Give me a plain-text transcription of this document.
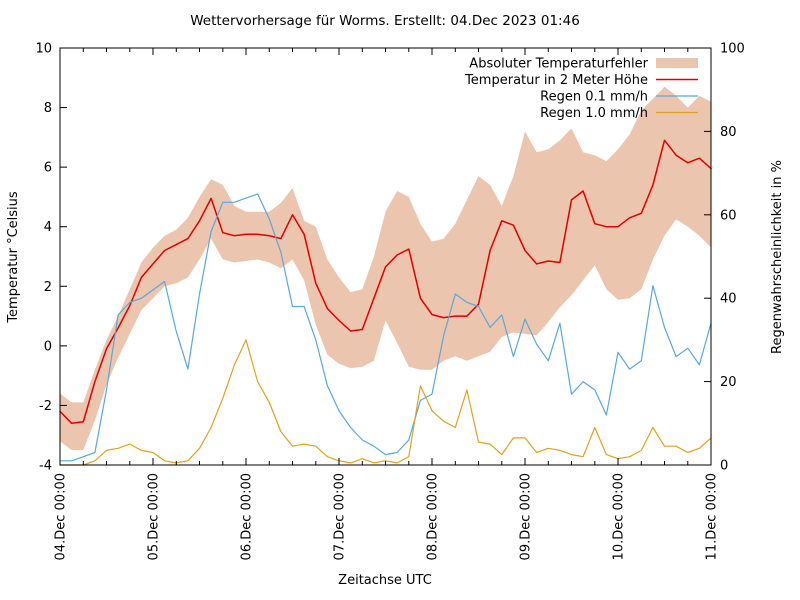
Wettervorhersage für Worms. Erstellt: 04.Dec 2023 01:46
Temperatur °Celsius	Regenwahrscheinlichkeit in %
Zeitachse UTC
10
8
6
4
2
0
-2
-4
100
80
60
40
20
0
04.Dec 00:00	05.Dec 00:00	06.Dec 00:00	07.Dec 00:00	08.Dec 00:00	09.Dec 00:00	10.Dec 00:00	11.Dec 00:00
Absoluter Temperaturfehler
Temperatur in 2 Meter Höhe
Regen 0.1 mm/h
Regen 1.0 mm/h
